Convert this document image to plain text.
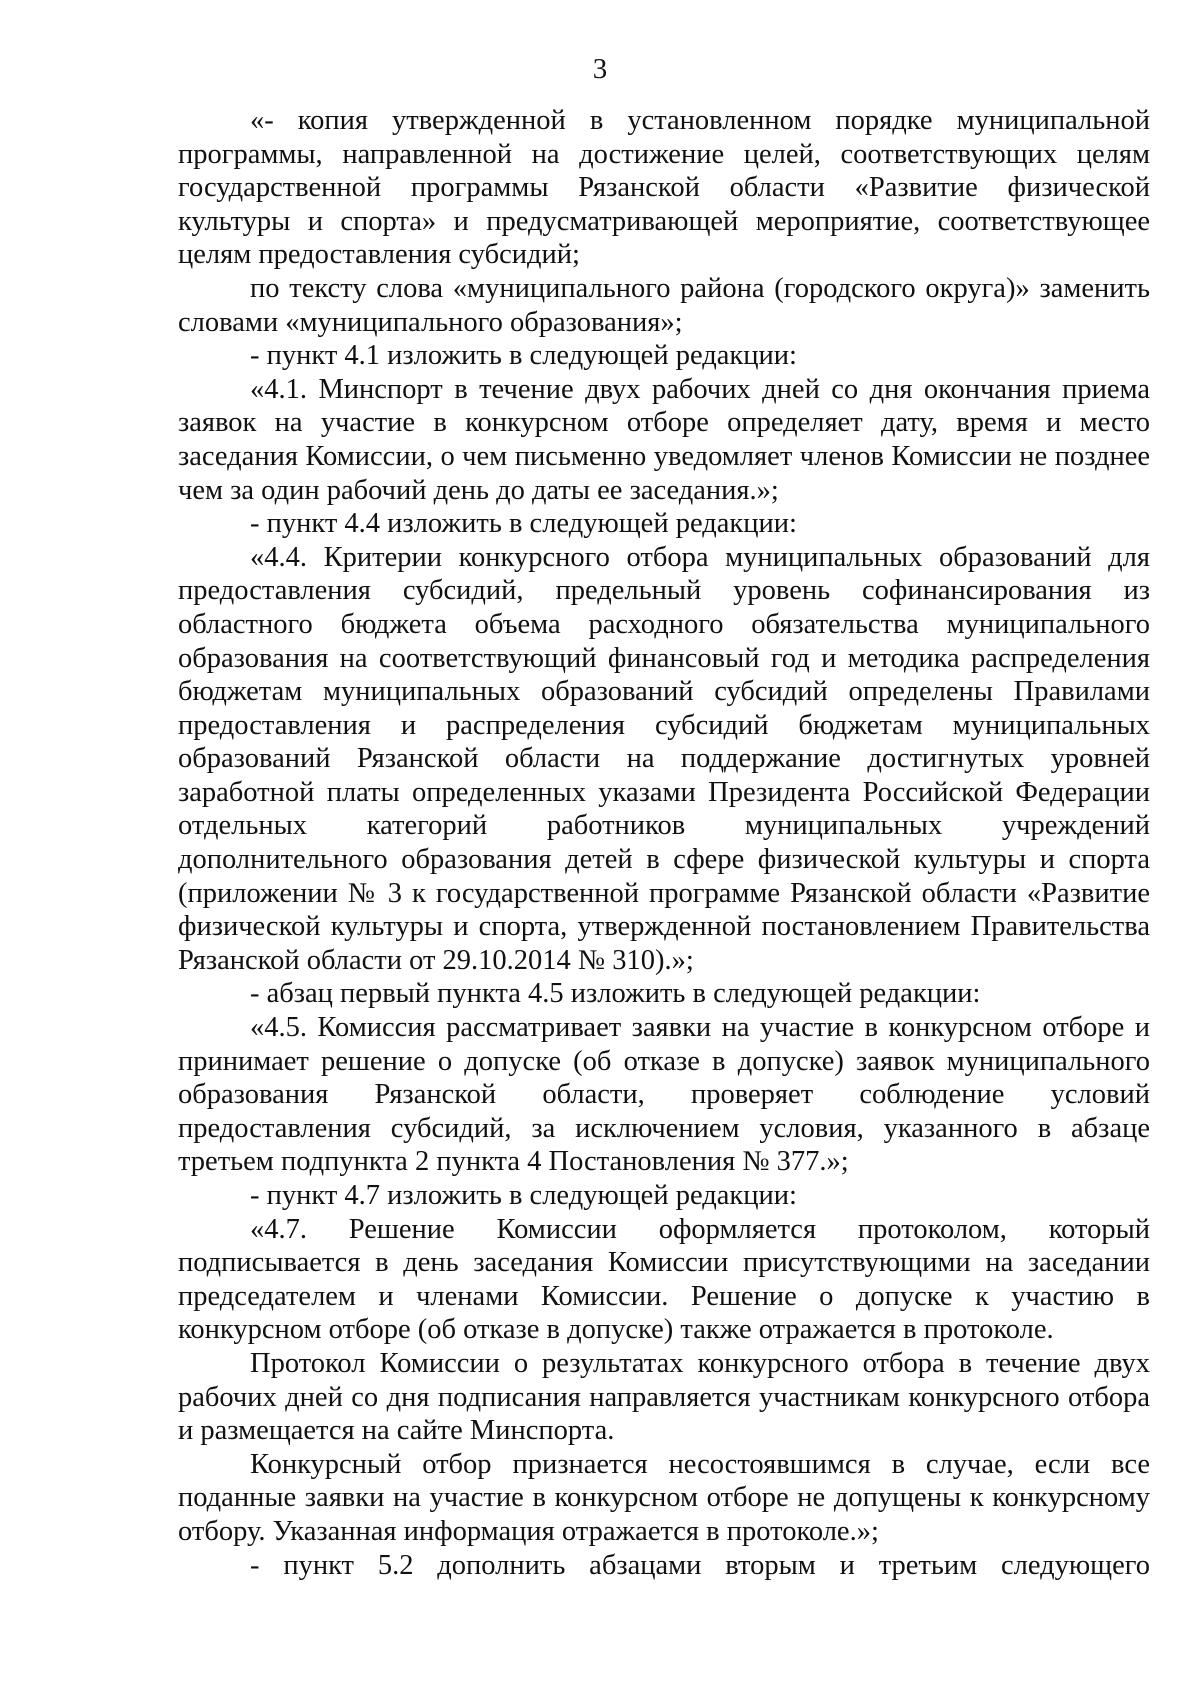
3

«- копия утвержденной в установленном порядке муниципальной программы, направленной на достижение целей, соответствующих целям государственной программы Рязанской области «Развитие физической культуры и спорта» и предусматривающей мероприятие, соответствующее целям предоставления субсидий;

по тексту слова «муниципального района (городского округа)» заменить словами «муниципального образования»;

- пункт 4.1 изложить в следующей редакции:

«4.1. Минспорт в течение двух рабочих дней со дня окончания приема заявок на участие в конкурсном отборе определяет дату, время и место заседания Комиссии, о чем письменно уведомляет членов Комиссии не позднее чем за один рабочий день до даты ее заседания.»;

- пункт 4.4 изложить в следующей редакции:

«4.4. Критерии конкурсного отбора муниципальных образований для предоставления субсидий, предельный уровень софинансирования из областного бюджета объема расходного обязательства муниципального образования на соответствующий финансовый год и методика распределения бюджетам муниципальных образований субсидий определены Правилами предоставления и распределения субсидий бюджетам муниципальных образований Рязанской области на поддержание достигнутых уровней заработной платы определенных указами Президента Российской Федерации отдельных категорий работников муниципальных учреждений дополнительного образования детей в сфере физической культуры и спорта (приложении № 3 к государственной программе Рязанской области «Развитие физической культуры и спорта, утвержденной постановлением Правительства Рязанской области от 29.10.2014 № 310).»;

- абзац первый пункта 4.5 изложить в следующей редакции:

«4.5. Комиссия рассматривает заявки на участие в конкурсном отборе и принимает решение о допуске (об отказе в допуске) заявок муниципального образования Рязанской области, проверяет соблюдение условий предоставления субсидий, за исключением условия, указанного в абзаце третьем подпункта 2 пункта 4 Постановления № 377.»;

- пункт 4.7 изложить в следующей редакции:

«4.7. Решение Комиссии оформляется протоколом, который подписывается в день заседания Комиссии присутствующими на заседании председателем и членами Комиссии. Решение о допуске к участию в конкурсном отборе (об отказе в допуске) также отражается в протоколе.

Протокол Комиссии о результатах конкурсного отбора в течение двух рабочих дней со дня подписания направляется участникам конкурсного отбора и размещается на сайте Минспорта.

Конкурсный отбор признается несостоявшимся в случае, если все поданные заявки на участие в конкурсном отборе не допущены к конкурсному отбору. Указанная информация отражается в протоколе.»;

- пункт 5.2 дополнить абзацами вторым и третьим следующего
